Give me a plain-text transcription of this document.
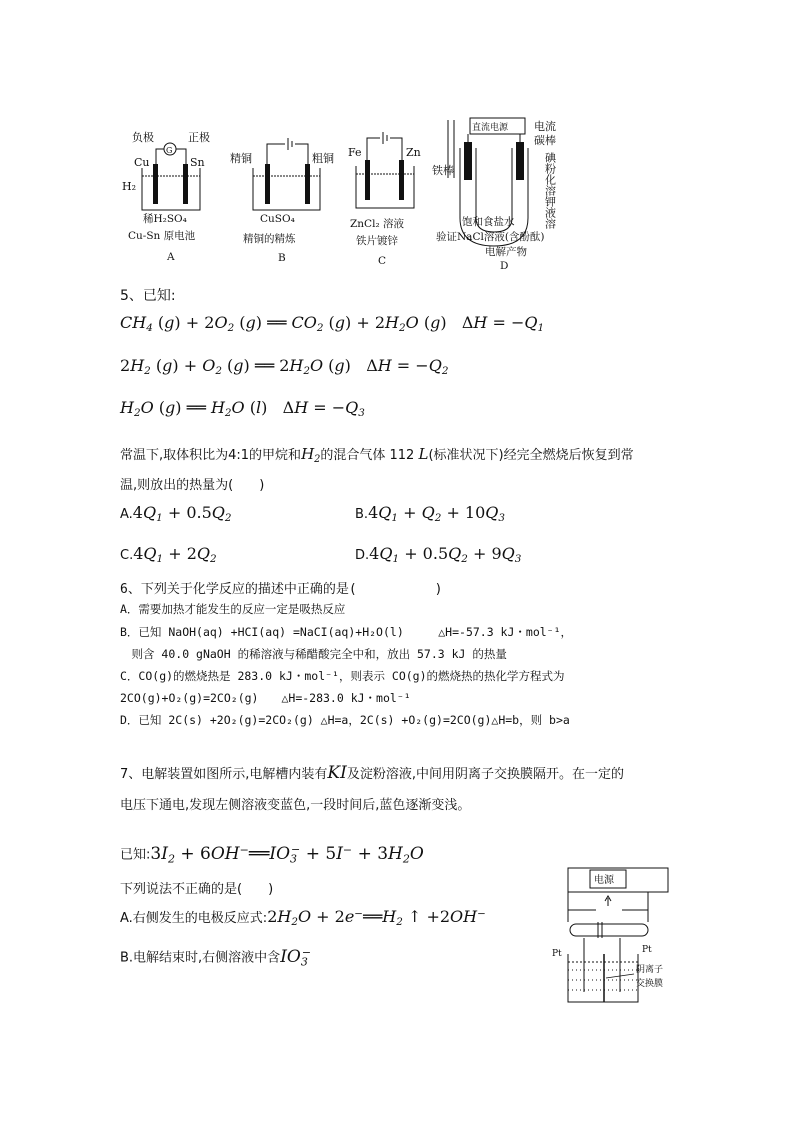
负极	正极
G
Cu	Sn
H₂
精铜	粗铜 Fe	Zn
直流电源 电流
碳棒
铁棒	碘粉化溶钾液溶
稀H₂SO₄
Cu-Sn 原电池
A
CuSO₄
精铜的精炼
B
ZnCl₂ 溶液
铁片镀锌
C
饱和食盐水
验证NaCl溶液(含酚酞)
电解产物
D
5、已知:
$CH_4$ $(g) + 2O_2$ (g) ══ $CO_2$ $(g) + 2H_2O$ (g) $\Delta H = -Q_1$
$2H_2$ $(g) + O_2$ (g) ══ $2H_2O$ (g) $\Delta H = -Q_2$
$H_2O$ (g) ══ $H_2O$ (l) $\Delta H = -Q_3$
常温下,取体积比为4:1的甲烷和$H_2$的混合气体 112 L(标准状况下)经完全燃烧后恢复到常
温,则放出的热量为(　　)
$A.4Q_1 + 0.5Q_2$	$B.4Q_1 + Q_2 + 10Q_3$
$C.4Q_1 + 2Q_2$	$D.4Q_1 + 0.5Q_2 + 9Q_3$
6、下列关于化学反应的描述中正确的是(　　　　　　)
A．需要加热才能发生的反应一定是吸热反应
B．已知 NaOH(aq) +HCI(aq) =NaCI(aq)+H₂O(l)　　　△H=-57.3 kJ・mol⁻¹，
　则含 40.0 gNaOH 的稀溶液与稀醋酸完全中和，放出 57.3 kJ 的热量
C．CO(g)的燃烧热是 283.0 kJ・mol⁻¹，则表示 CO(g)的燃烧热的热化学方程式为
2CO(g)+O₂(g)=2CO₂(g)　　△H=-283.0 kJ・mol⁻¹
D．已知 2C(s) +2O₂(g)=2CO₂(g) △H=a，2C(s) +O₂(g)=2CO(g)△H=b，则 b>a
7、电解装置如图所示,电解槽内装有KI及淀粉溶液,中间用阴离子交换膜隔开。在一定的
电压下通电,发现左侧溶液变蓝色,一段时间后,蓝色逐渐变浅。
已知$:3I_2$ + $6OH^-══IO_3^- + 5I^- + 3H_2O$
下列说法不正确的是(　　)
A.右侧发生的电极反应式$:2H_2O$ + $2e^-══H_2$ ↑ +2OH−
B.电解结束时,右侧溶液中含$IO_3^-$
电源
Pt	Pt
阴离子
交换膜
